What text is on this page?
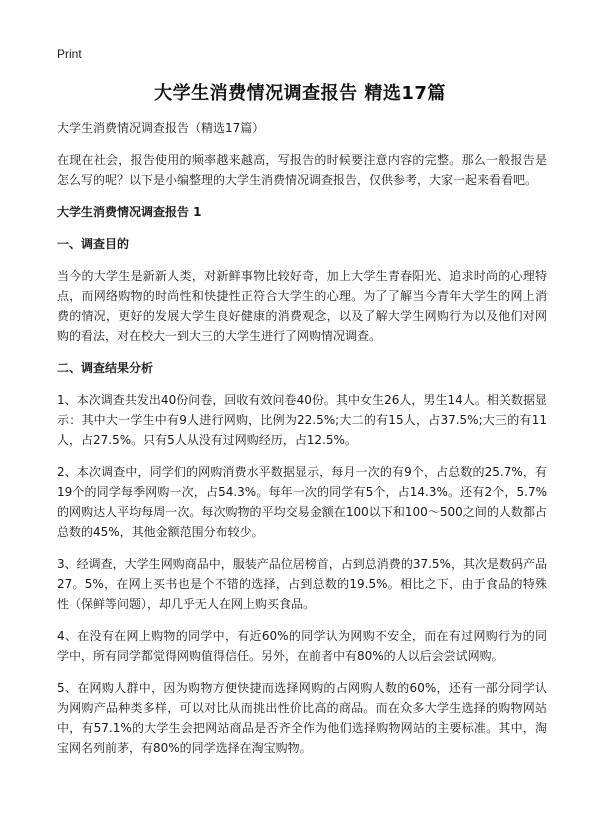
Print
大学生消费情况调查报告 精选17篇

大学生消费情况调查报告（精选17篇）

在现在社会，报告使用的频率越来越高，写报告的时候要注意内容的完整。那么一般报告是怎么写的呢？以下是小编整理的大学生消费情况调查报告，仅供参考，大家一起来看看吧。

大学生消费情况调查报告 1
一、调查目的

当今的大学生是新新人类，对新鲜事物比较好奇，加上大学生青春阳光、追求时尚的心理特点，而网络购物的时尚性和快捷性正符合大学生的心理。为了了解当今青年大学生的网上消费的情况，更好的发展大学生良好健康的消费观念，以及了解大学生网购行为以及他们对网购的看法，对在校大一到大三的大学生进行了网购情况调查。

二、调查结果分析

1、本次调查共发出40份问卷，回收有效问卷40份。其中女生26人，男生14人。相关数据显示：其中大一学生中有9人进行网购，比例为22.5%;大二的有15人，占37.5%;大三的有11人，占27.5%。只有5人从没有过网购经历，占12.5%。

2、本次调查中，同学们的网购消费水平数据显示，每月一次的有9个，占总数的25.7%，有19个的同学每季网购一次，占54.3%。每年一次的同学有5个，占14.3%。还有2个，5.7%的网购达人平均每周一次。每次购物的平均交易金额在100以下和100～500之间的人数都占总数的45%，其他金额范围分布较少。

3、经调查，大学生网购商品中，服装产品位居榜首，占到总消费的37.5%，其次是数码产品27。5%，在网上买书也是个不错的选择，占到总数的19.5%。相比之下，由于食品的特殊性（保鲜等问题），却几乎无人在网上购买食品。

4、在没有在网上购物的同学中，有近60%的同学认为网购不安全，而在有过网购行为的同学中，所有同学都觉得网购值得信任。另外，在前者中有80%的人以后会尝试网购。

5、在网购人群中，因为购物方便快捷而选择网购的占网购人数的60%，还有一部分同学认为网购产品种类多样，可以对比从而挑出性价比高的商品。而在众多大学生选择的购物网站中，有57.1%的大学生会把网站商品是否齐全作为他们选择购物网站的主要标准。其中，淘宝网名列前茅，有80%的同学选择在淘宝购物。
